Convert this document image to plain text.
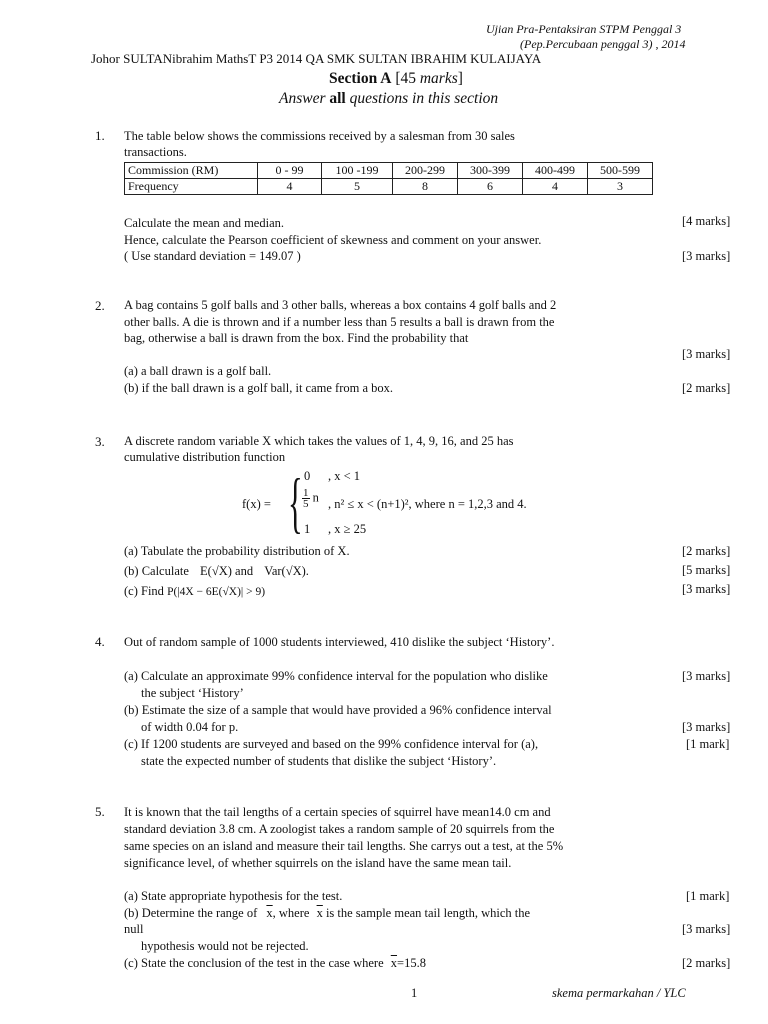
Ujian Pra-Pentaksiran STPM Penggal 3
(Pep.Percubaan penggal 3) , 2014
Johor SULTANibrahim MathsT P3 2014 QA SMK SULTAN IBRAHIM KULAIJAYA
Section A [45 marks]
Answer all questions in this section
1. The table below shows the commissions received by a salesman from 30 sales
transactions.
Commission (RM)	0 - 99	100 -199	200-299	300-399	400-499	500-599
Frequency	4	5	8	6	4	3
Calculate the mean and median.	[4 marks]
Hence, calculate the Pearson coefficient of skewness and comment on your answer.
( Use standard deviation = 149.07 )	[3 marks]
2. A bag contains 5 golf balls and 3 other balls, whereas a box contains 4 golf balls and 2
other balls. A die is thrown and if a number less than 5 results a ball is drawn from the
bag, otherwise a ball is drawn from the box. Find the probability that
[3 marks]
(a) a ball drawn is a golf ball.
(b) if the ball drawn is a golf ball, it came from a box.	[2 marks]
3. A discrete random variable X which takes the values of 1, 4, 9, 16, and 25 has
cumulative distribution function
f(x) = { 0 , x < 1
$\frac{1}{5}$ n , n² ≤ x < (n+1)², where n = 1,2,3 and 4.
1 , x ≥ 25
(a) Tabulate the probability distribution of X.	[2 marks]
(b) Calculate E(√X) and Var(√X).	[5 marks]
(c) Find P(|4X − 6E(√X)| > 9)	[3 marks]
4. Out of random sample of 1000 students interviewed, 410 dislike the subject ‘History’.
(a) Calculate an approximate 99% confidence interval for the population who dislike	[3 marks]
the subject ‘History’
(b) Estimate the size of a sample that would have provided a 96% confidence interval
of width 0.04 for p.	[3 marks]
(c) If 1200 students are surveyed and based on the 99% confidence interval for (a),	[1 mark]
state the expected number of students that dislike the subject ‘History’.
5. It is known that the tail lengths of a certain species of squirrel have mean14.0 cm and
standard deviation 3.8 cm. A zoologist takes a random sample of 20 squirrels from the
same species on an island and measure their tail lengths. She carrys out a test, at the 5%
significance level, of whether squirrels on the island have the same mean tail.
(a) State appropriate hypothesis for the test.	[1 mark]
(b) Determine the range of $\overline{x}$, where $\overline{x}$ is the sample mean tail length, which the
null	[3 marks]
hypothesis would not be rejected.
(c) State the conclusion of the test in the case where $\overline{x}=15.8$	[2 marks]
1	skema permarkahan / YLC
